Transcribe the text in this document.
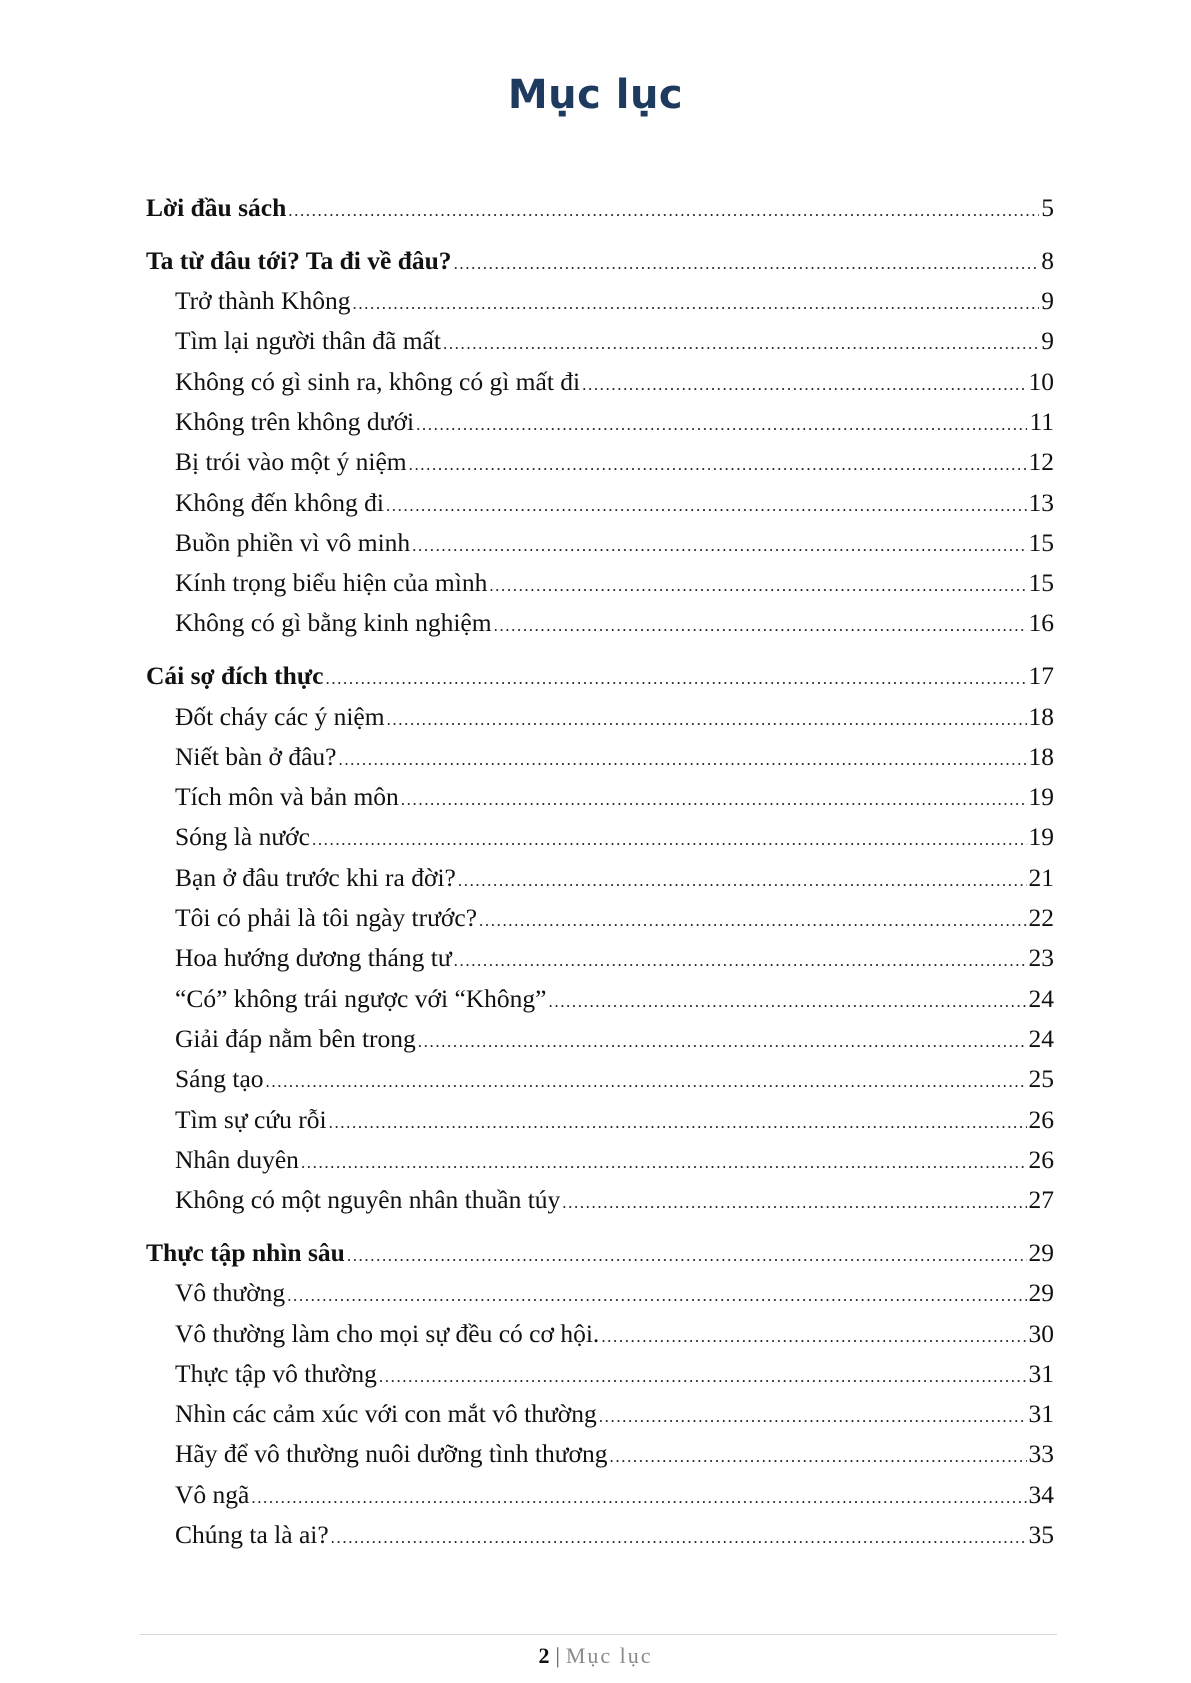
Mục lục
Lời đầu sách .....	5
Ta từ đâu tới? Ta đi về đâu? .....	8
Trở thành Không .....	9
Tìm lại người thân đã mất .....	9
Không có gì sinh ra, không có gì mất đi .....	10
Không trên không dưới .....	11
Bị trói vào một ý niệm .....	12
Không đến không đi .....	13
Buồn phiền vì vô minh .....	15
Kính trọng biểu hiện của mình .....	15
Không có gì bằng kinh nghiệm .....	16
Cái sợ đích thực .....	17
Đốt cháy các ý niệm .....	18
Niết bàn ở đâu? .....	18
Tích môn và bản môn .....	19
Sóng là nước .....	19
Bạn ở đâu trước khi ra đời? .....	21
Tôi có phải là tôi ngày trước? .....	22
Hoa hướng dương tháng tư .....	23
“Có” không trái ngược với “Không” .....	24
Giải đáp nằm bên trong .....	24
Sáng tạo .....	25
Tìm sự cứu rỗi .....	26
Nhân duyên .....	26
Không có một nguyên nhân thuần túy .....	27
Thực tập nhìn sâu .....	29
Vô thường .....	29
Vô thường làm cho mọi sự đều có cơ hội. .....	30
Thực tập vô thường .....	31
Nhìn các cảm xúc với con mắt vô thường .....	31
Hãy để vô thường nuôi dưỡng tình thương .....	33
Vô ngã .....	34
Chúng ta là ai? .....	35
2 | Mục lục
